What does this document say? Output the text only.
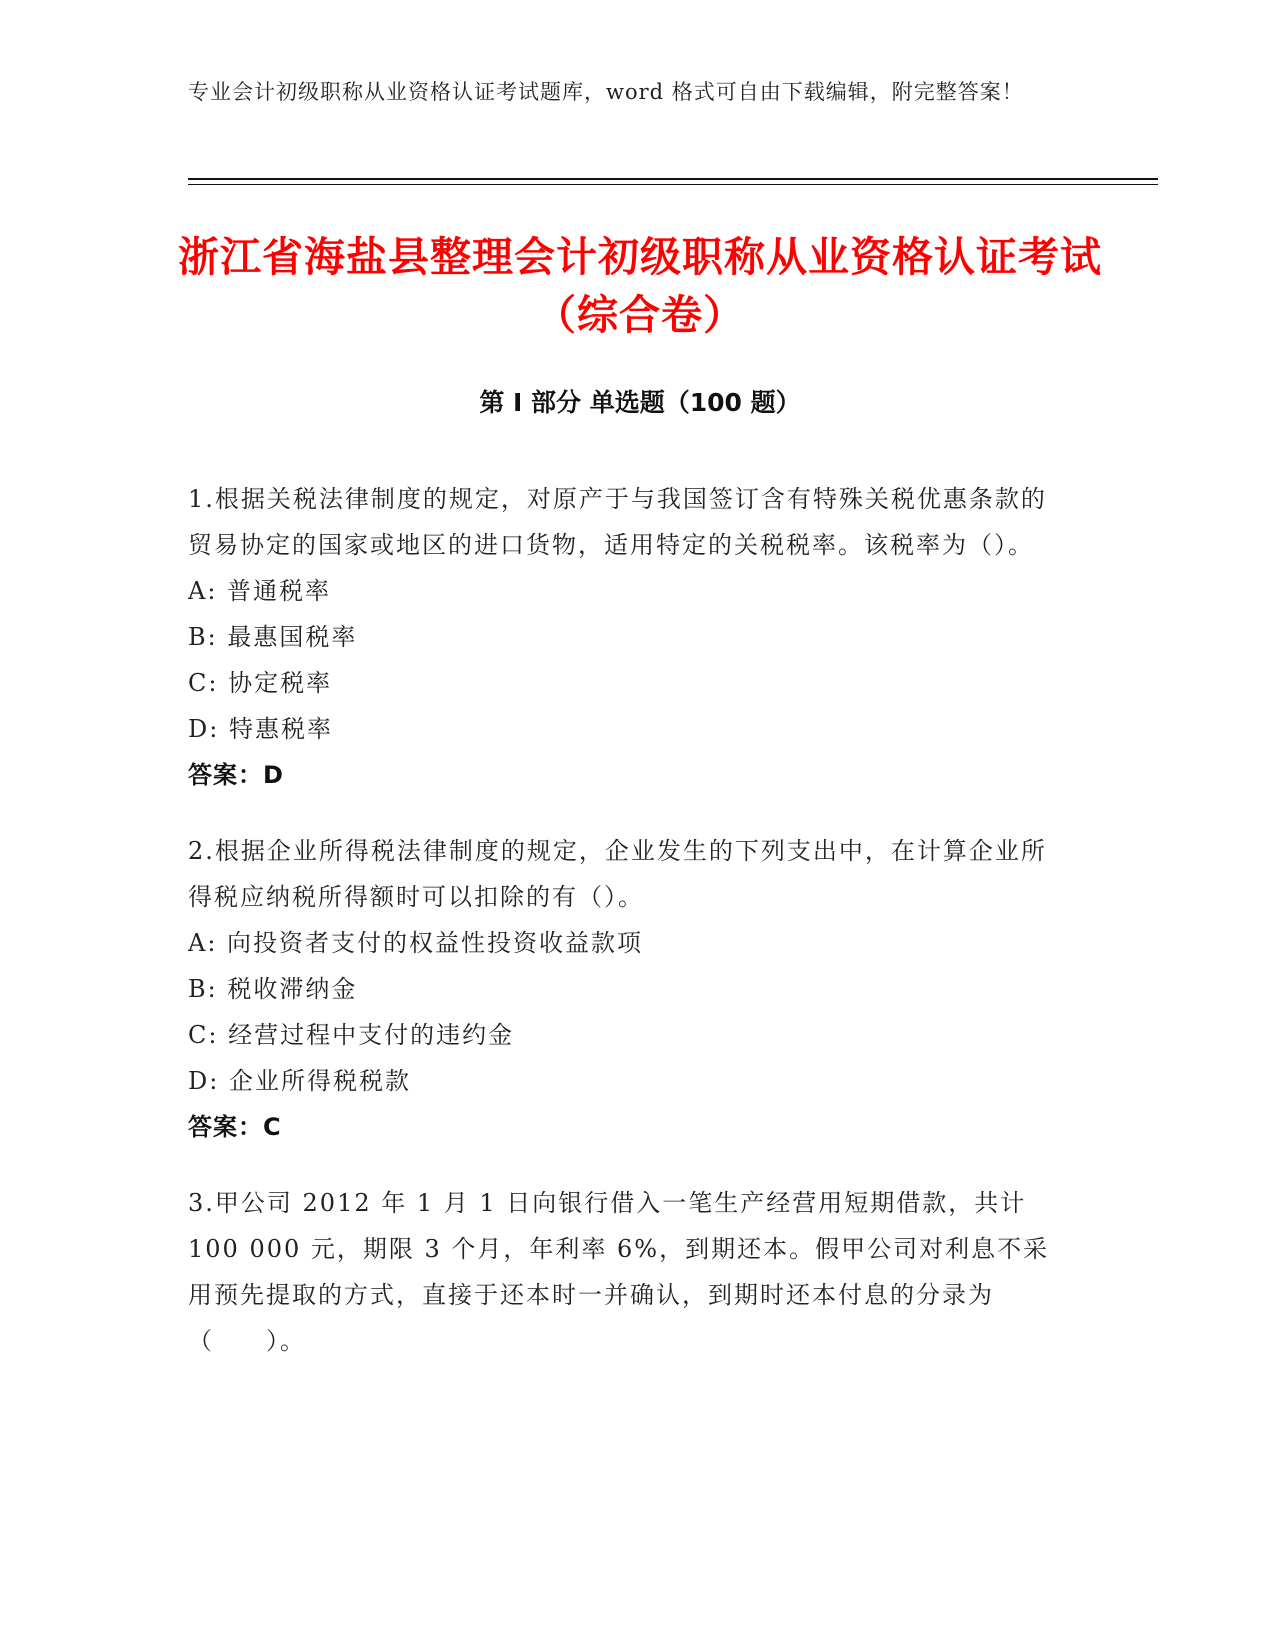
专业会计初级职称从业资格认证考试题库，word 格式可自由下载编辑，附完整答案！
浙江省海盐县整理会计初级职称从业资格认证考试（综合卷）
第 I 部分 单选题（100 题）

1.根据关税法律制度的规定，对原产于与我国签订含有特殊关税优惠条款的贸易协定的国家或地区的进口货物，适用特定的关税税率。该税率为（）。

A: 普通税率

B: 最惠国税率

C: 协定税率

D: 特惠税率

答案：D

2.根据企业所得税法律制度的规定，企业发生的下列支出中，在计算企业所得税应纳税所得额时可以扣除的有（）。

A: 向投资者支付的权益性投资收益款项

B: 税收滞纳金

C: 经营过程中支付的违约金

D: 企业所得税税款

答案：C

3.甲公司 2012 年 1 月 1 日向银行借入一笔生产经营用短期借款，共计 100 000 元，期限 3 个月，年利率 6%，到期还本。假甲公司对利息不采用预先提取的方式，直接于还本时一并确认，到期时还本付息的分录为（　　）。
